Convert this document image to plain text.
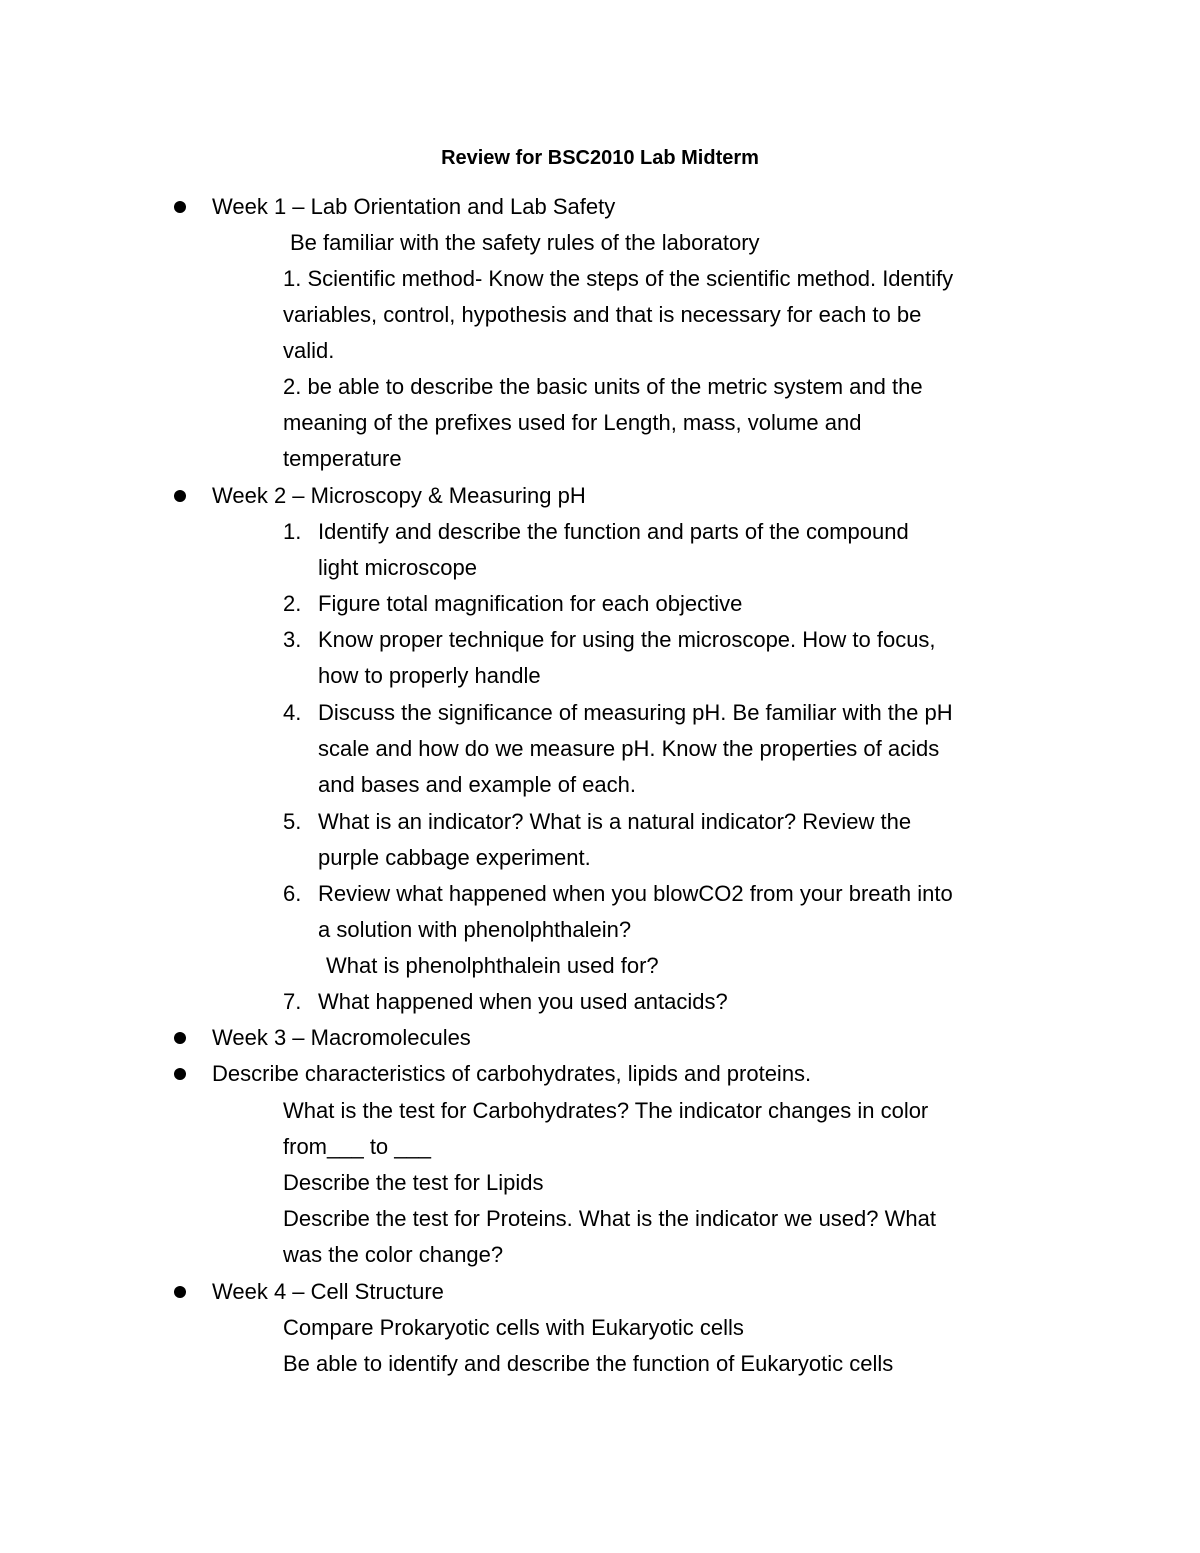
Review for BSC2010 Lab Midterm
Week 1 – Lab Orientation and Lab Safety
Be familiar with the safety rules of the laboratory
1. Scientific method- Know the steps of the scientific method. Identify
variables, control, hypothesis and that is necessary for each to be
valid.
2. be able to describe the basic units of the metric system and the
meaning of the prefixes used for Length, mass, volume and
temperature
Week 2 – Microscopy & Measuring pH
1. Identify and describe the function and parts of the compound
light microscope
2. Figure total magnification for each objective
3. Know proper technique for using the microscope. How to focus,
how to properly handle
4. Discuss the significance of measuring pH. Be familiar with the pH
scale and how do we measure pH. Know the properties of acids
and bases and example of each.
5. What is an indicator? What is a natural indicator? Review the
purple cabbage experiment.
6. Review what happened when you blowCO2 from your breath into
a solution with phenolphthalein?
What is phenolphthalein used for?
7. What happened when you used antacids?
Week 3 – Macromolecules
Describe characteristics of carbohydrates, lipids and proteins.
What is the test for Carbohydrates? The indicator changes in color
from___ to ___
Describe the test for Lipids
Describe the test for Proteins. What is the indicator we used? What
was the color change?
Week 4 – Cell Structure
Compare Prokaryotic cells with Eukaryotic cells
Be able to identify and describe the function of Eukaryotic cells
